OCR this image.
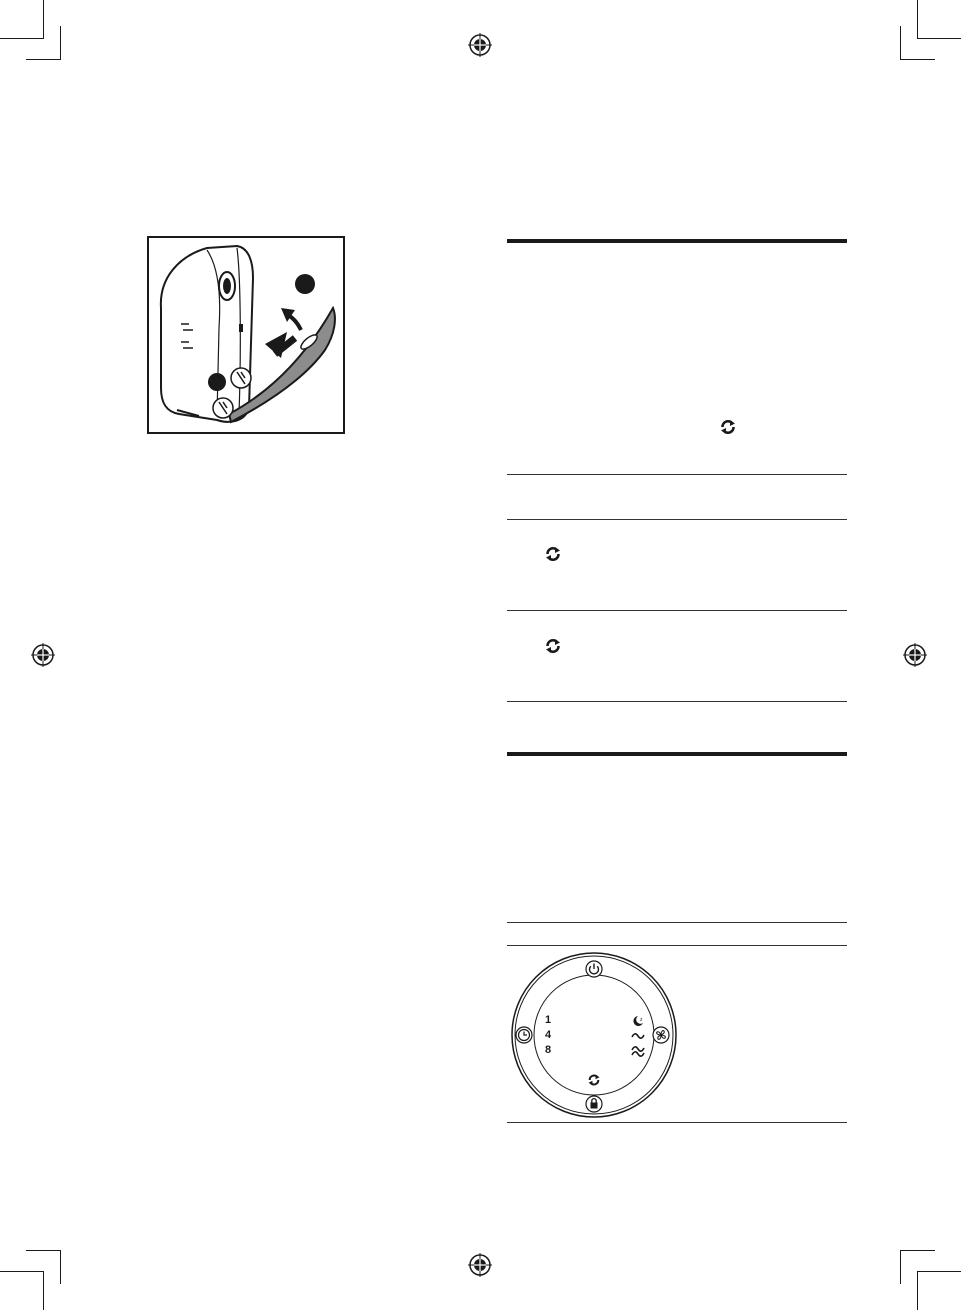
1
4
8
z
